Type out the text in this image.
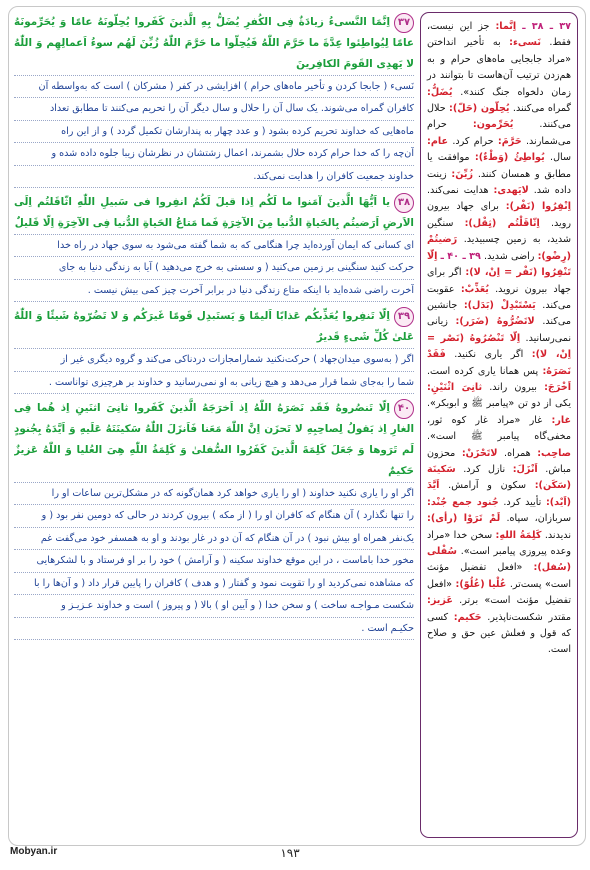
۳۷ ـ ۳۸ ـ اِنَّما: جز این نیست، فقط. نَسی‌ء: به تأخیر انداختن «مراد جابجایی ماه‌های حرام و به هم‌زدن ترتیب آن‌هاست تا بتوانند در زمان دلخواه جنگ کنند». یُضَلُّ: گمراه می‌کنند. یُحِلّون (حَلّ): حلال می‌کنند. یُحَرِّمون: حرام می‌شمارند. حَرَّمَ: حرام کرد. عام: سال. یُواطِئُ (وَطْءٌ): موافقت یا مطابق و همسان کنند. زُیِّنَ: زینت داده شد. لایَهدی: هدایت نمی‌کند. اِنْفِرُوا (نَفْر): برای جهاد بیرون روید. اِثّاقَلْتُم (ثِقْل): سنگین شدید، به زمین چسبیدید. رَضیتُمْ (رِضْو): راضی شدید. ۳۹ ـ ۴۰ ـ اِلّا تَنْفِرُوا (نَفْر = اِنْ، لا): اگر برای جهاد بیرون نروید. یُعَذِّبْ: عقوبت می‌کند. یَسْتَبْدِلْ (بَدَل): جانشین می‌کند. لاتَضُرُّوهُ (ضَرَر): زیانی نمی‌رسانید. اِلّا تَنْصُرُوهُ (نَصْر = اِنْ، لا): اگر یاری نکنید. فَقَدْ نَصَرَهُ: پس همانا یاری کرده است. اَخْرَجَ: بیرون راند. ثانِیَ اثْنَیْنِ: یکی از دو تن «پیامبر ﷺ و ابوبکر». غار: غار «مراد غار کوه ثور، مخفی‌گاه پیامبر ﷺ است». صاحِب: همراه. لاتَحْزَنْ: محزون مباش. اَنْزَلَ: نازل کرد. سَکینَة (سَکَن): سکون و آرامش. اَیَّدَ (اَیْد): تأیید کرد. جُنود جمع جُنْد: سربازان، سپاه. لَمْ تَرَوْا (رأی): ندیدند. کَلِمَةُ اللهِ: سخن خدا «مراد وعده پیروزی پیامبر است». سُفْلی (سُفل): «افعل تفضیل مؤنث است» پست‌تر. عُلْیا (عُلُوّ): «افعل تفضیل مؤنث است» برتر. عَزیز: مقتدر شکست‌ناپذیر. حَکیم: کسی که قول و فعلش عین حق و صلاح است.

۳۷اِنَّمَا النَّسیءُ زیادَةٌ فِی الکُفرِ یُضَلُّ بِهِ الَّذینَ کَفَروا یُحِلّونَهُ عامًا وَ یُحَرِّمونَهُ عامًا لِیُواطِئوا عِدَّةَ ما حَرَّمَ اللّٰهُ فَیُحِلّوا ما حَرَّمَ اللّٰهُ زُیِّنَ لَهُم سوءُ اَعمالِهِم وَ اللّٰهُ لا یَهدِی القَومَ الکافِرینَ

نَسیء ( جابجا کردن و تأخیر ماه‌های حرام ) افزایشی در کفر ( مشرکان ) است که به‌واسطه آن
کافران گمراه می‌شوند. یک سال آن را حلال و سال دیگر آن را تحریم می‌کنند تا مطابق تعداد
ماه‌هایی که خداوند تحریم کرده بشود ( و عدد چهار به پندارشان تکمیل گردد ) و از این راه
آن‌چه را که خدا حرام کرده حلال بشمرند، اعمال زشتشان در نظرشان زیبا جلوه داده شده و
خداوند جمعیت کافران را هدایت نمی‌کند.

۳۸یا اَیُّهَا الَّذینَ آمَنوا ما لَکُم اِذا قیلَ لَکُمُ انفِروا فی سَبیلِ اللّٰهِ اثّاقَلتُم اِلَی الاَرضِ اَرَضیتُم بِالحَیاةِ الدُّنیا مِنَ الآخِرَةِ فَما مَتاعُ الحَیاةِ الدُّنیا فِی الآخِرَةِ اِلّا قَلیلٌ

ای کسانی که ایمان آورده‌اید چرا هنگامی که به شما گفته می‌شود به سوی جهاد در راه خدا
حرکت کنید سنگینی بر زمین می‌کنید ( و سستی به خرج می‌دهید ) آیا به زندگی دنیا به جای
آخرت راضی شده‌اید با اینکه متاع زندگی دنیا در برابر آخرت چیز کمی بیش نیست .

۳۹اِلّا تَنفِروا یُعَذِّبکُم عَذابًا اَلیمًا وَ یَستَبدِل قَومًا غَیرَکُم وَ لا تَضُرّوهُ شَیئًا وَ اللّٰهُ عَلیٰ کُلِّ شَیءٍ قَدیرٌ

اگر ( به‌سوی میدان‌جهاد ) حرکت‌نکنید شمارامجازات دردناکی می‌کند و گروه دیگری غیر از
شما را به‌جای شما قرار می‌دهد و هیچ زیانی به او نمی‌رسانید و خداوند بر هرچیزی تواناست .

۴۰اِلّا تَنصُروهُ فَقَد نَصَرَهُ اللّٰهُ اِذ اَخرَجَهُ الَّذینَ کَفَروا ثانِیَ اثنَینِ اِذ هُما فِی الغارِ اِذ یَقولُ لِصاحِبِهِ لا تَحزَن اِنَّ اللّٰهَ مَعَنا فَاَنزَلَ اللّٰهُ سَکینَتَهُ عَلَیهِ وَ اَیَّدَهُ بِجُنودٍ لَم تَرَوها وَ جَعَلَ کَلِمَةَ الَّذینَ کَفَرُوا السُّفلیٰ وَ کَلِمَةُ اللّٰهِ هِیَ العُلیا وَ اللّٰهُ عَزیزٌ حَکیمٌ

اگر او را یاری نکنید خداوند ( او را یاری خواهد کرد همان‌گونه که در مشکل‌ترین ساعات او را
را تنها نگذارد ) آن هنگام که کافران او را ( از مکه ) بیرون کردند در حالی که دومین نفر بود ( و
یک‌نفر همراه او بیش نبود ) در آن هنگام که آن دو در غار بودند و او به همسفر خود می‌گفت غم
مخور خدا باماست ، در این موقع خداوند سکینه ( و آرامش ) خود را بر او فرستاد و با لشکرهایی
که مشاهده نمی‌کردید او را تقویت نمود و گفتار ( و هدف ) کافران را پایین قرار داد ( و آن‌ها را با
شکست مـواجـه ساخت ) و سخن خدا ( و آیین او ) بالا ( و پیروز ) است و خداوند عـزیـز و
حکیـم است .

Mobyan.ir	۱۹۳
